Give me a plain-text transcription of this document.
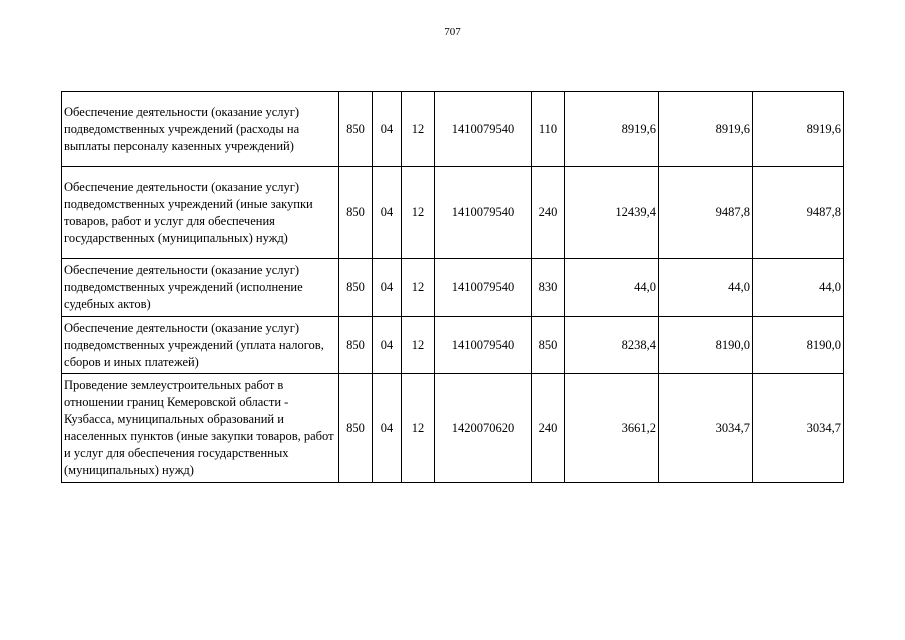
707
Обеспечение деятельности (оказание услуг) подведомственных учреждений (расходы на выплаты персоналу казенных учреждений)	850	04	12	1410079540	110	8919,6	8919,6	8919,6
Обеспечение деятельности (оказание услуг) подведомственных учреждений (иные закупки товаров, работ и услуг для обеспечения государственных (муниципальных) нужд)	850	04	12	1410079540	240	12439,4	9487,8	9487,8
Обеспечение деятельности (оказание услуг) подведомственных учреждений (исполнение судебных актов)	850	04	12	1410079540	830	44,0	44,0	44,0
Обеспечение деятельности (оказание услуг) подведомственных учреждений (уплата налогов, сборов и иных платежей)	850	04	12	1410079540	850	8238,4	8190,0	8190,0
Проведение землеустроительных работ в отношении границ Кемеровской области - Кузбасса, муниципальных образований и населенных пунктов (иные закупки товаров, работ и услуг для обеспечения государственных (муниципальных) нужд)	850	04	12	1420070620	240	3661,2	3034,7	3034,7
